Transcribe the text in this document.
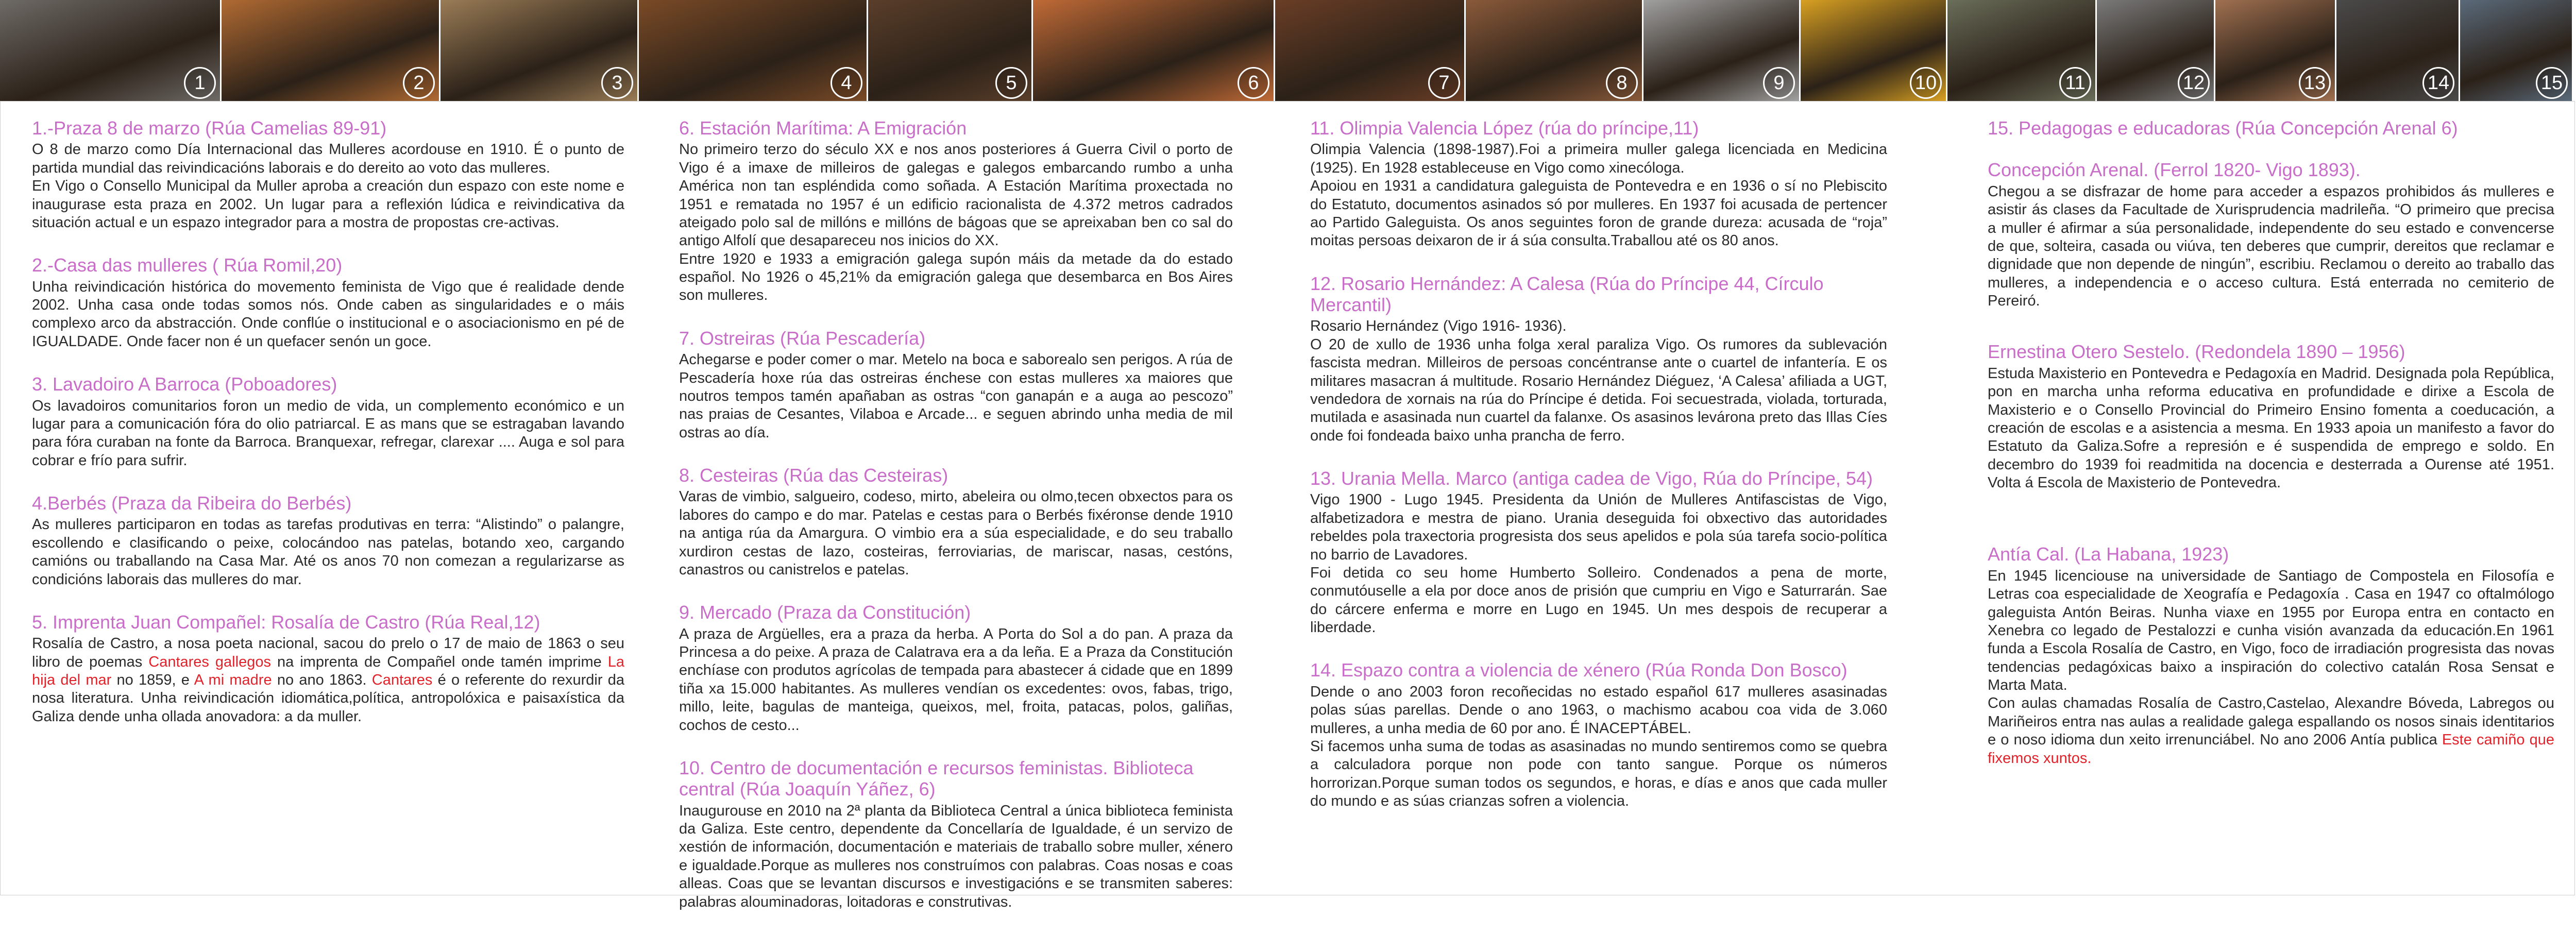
1	2	3	4	5	6	7	8	9	10	11	12	13	14	15
1.-Praza 8 de marzo (Rúa Camelias 89-91)

O 8 de marzo como Día Internacional das Mulleres acordouse en 1910. É o punto de partida mundial das reivindicacións laborais e do dereito ao voto das mulleres.
En Vigo o Consello Municipal da Muller aproba a creación dun espazo con este nome e inaugurase esta praza en 2002. Un lugar para a reflexión lúdica e reivindicativa da situación actual e un espazo integrador para a mostra de propostas cre-activas.

2.-Casa das mulleres ( Rúa Romil,20)

Unha reivindicación histórica do movemento feminista de Vigo que é realidade dende 2002. Unha casa onde todas somos nós. Onde caben as singularidades e o máis complexo arco da abstracción. Onde conflúe o institucional e o asociacionismo en pé de IGUALDADE. Onde facer non é un quefacer senón un goce.

3. Lavadoiro A Barroca (Poboadores)

Os lavadoiros comunitarios foron un medio de vida, un complemento económico e un lugar para a comunicación fóra do olio patriarcal. E as mans que se estragaban lavando para fóra curaban na fonte da Barroca. Branquexar, refregar, clarexar .... Auga e sol para cobrar e frío para sufrir.

4.Berbés (Praza da Ribeira do Berbés)

As mulleres participaron en todas as tarefas produtivas en terra: “Alistindo” o palangre, escollendo e clasificando o peixe, colocándoo nas patelas, botando xeo, cargando camións ou traballando na Casa Mar. Até os anos 70 non comezan a regularizarse as condicións laborais das mulleres do mar.

5. Imprenta Juan Compañel: Rosalía de Castro (Rúa Real,12)

Rosalía de Castro, a nosa poeta nacional, sacou do prelo o 17 de maio de 1863 o seu libro de poemas Cantares gallegos na imprenta de Compañel onde tamén imprime La hija del mar no 1859, e A mi madre no ano 1863. Cantares é o referente do rexurdir da nosa literatura. Unha reivindicación idiomática,política, antropolóxica e paisaxística da Galiza dende unha ollada anovadora: a da muller.

6. Estación Marítima: A Emigración

No primeiro terzo do século XX e nos anos posteriores á Guerra Civil o porto de Vigo é a imaxe de milleiros de galegas e galegos embarcando rumbo a unha América non tan espléndida como soñada. A Estación Marítima proxectada no 1951 e rematada no 1957 é un edificio racionalista de 4.372 metros cadrados ateigado polo sal de millóns e millóns de bágoas que se apreixaban ben co sal do antigo Alfolí que desapareceu nos inicios do XX.
Entre 1920 e 1933 a emigración galega supón máis da metade da do estado español. No 1926 o 45,21% da emigración galega que desembarca en Bos Aires son mulleres.

7. Ostreiras (Rúa Pescadería)

Achegarse e poder comer o mar. Metelo na boca e saborealo sen perigos. A rúa de Pescadería hoxe rúa das ostreiras énchese con estas mulleres xa maiores que noutros tempos tamén apañaban as ostras “con ganapán e a auga ao pescozo” nas praias de Cesantes, Vilaboa e Arcade... e seguen abrindo unha media de mil ostras ao día.

8. Cesteiras (Rúa das Cesteiras)

Varas de vimbio, salgueiro, codeso, mirto, abeleira ou olmo,tecen obxectos para os labores do campo e do mar. Patelas e cestas para o Berbés fixéronse dende 1910 na antiga rúa da Amargura. O vimbio era a súa especialidade, e do seu traballo xurdiron cestas de lazo, costeiras, ferroviarias, de mariscar, nasas, cestóns, canastros ou canistrelos e patelas.

9. Mercado (Praza da Constitución)

A praza de Argüelles, era a praza da herba. A Porta do Sol a do pan. A praza da Princesa a do peixe. A praza de Calatrava era a da leña. E a Praza da Constitución enchíase con produtos agrícolas de tempada para abastecer á cidade que en 1899 tiña xa 15.000 habitantes. As mulleres vendían os excedentes: ovos, fabas, trigo, millo, leite, bagulas de manteiga, queixos, mel, froita, patacas, polos, galiñas, cochos de cesto...

10. Centro de documentación e recursos feministas. Biblioteca central (Rúa Joaquín Yáñez, 6)

Inaugurouse en 2010 na 2ª planta da Biblioteca Central a única biblioteca feminista da Galiza. Este centro, dependente da Concellaría de Igualdade, é un servizo de xestión de información, documentación e materiais de traballo sobre muller, xénero e igualdade.Porque as mulleres nos construímos con palabras. Coas nosas e coas alleas. Coas que se levantan discursos e investigacións e se transmiten saberes: palabras alouminadoras, loitadoras e construtivas.

11. Olimpia Valencia López (rúa do príncipe,11)

Olimpia Valencia (1898-1987).Foi a primeira muller galega licenciada en Medicina (1925). En 1928 estableceuse en Vigo como xinecóloga.
Apoiou en 1931 a candidatura galeguista de Pontevedra e en 1936 o sí no Plebiscito do Estatuto, documentos asinados só por mulleres. En 1937 foi acusada de pertencer ao Partido Galeguista. Os anos seguintes foron de grande dureza: acusada de “roja” moitas persoas deixaron de ir á súa consulta.Traballou até os 80 anos.

12. Rosario Hernández: A Calesa (Rúa do Príncipe 44, Círculo Mercantil)

Rosario Hernández (Vigo 1916- 1936).
O 20 de xullo de 1936 unha folga xeral paraliza Vigo. Os rumores da sublevación fascista medran. Milleiros de persoas concéntranse ante o cuartel de infantería. E os militares masacran á multitude. Rosario Hernández Diéguez, ‘A Calesa’ afiliada a UGT, vendedora de xornais na rúa do Príncipe é detida. Foi secuestrada, violada, torturada, mutilada e asasinada nun cuartel da falanxe. Os asasinos levárona preto das Illas Cíes onde foi fondeada baixo unha prancha de ferro.

13. Urania Mella. Marco (antiga cadea de Vigo, Rúa do Príncipe, 54)

Vigo 1900 - Lugo 1945. Presidenta da Unión de Mulleres Antifascistas de Vigo, alfabetizadora e mestra de piano. Urania deseguida foi obxectivo das autoridades rebeldes pola traxectoria progresista dos seus apelidos e pola súa tarefa socio-política no barrio de Lavadores.
Foi detida co seu home Humberto Solleiro. Condenados a pena de morte, conmutóuselle a ela por doce anos de prisión que cumpriu en Vigo e Saturrarán. Sae do cárcere enferma e morre en Lugo en 1945. Un mes despois de recuperar a liberdade.

14. Espazo contra a violencia de xénero (Rúa Ronda Don Bosco)

Dende o ano 2003 foron recoñecidas no estado español 617 mulleres asasinadas polas súas parellas. Dende o ano 1963, o machismo acabou coa vida de 3.060 mulleres, a unha media de 60 por ano. É INACEPTÁBEL.
Si facemos unha suma de todas as asasinadas no mundo sentiremos como se quebra a calculadora porque non pode con tanto sangue. Porque os números horrorizan.Porque suman todos os segundos, e horas, e días e anos que cada muller do mundo e as súas crianzas sofren a violencia.

15. Pedagogas e educadoras (Rúa Concepción Arenal 6)
Concepción Arenal. (Ferrol 1820- Vigo 1893).

Chegou a se disfrazar de home para acceder a espazos prohibidos ás mulleres e asistir ás clases da Facultade de Xurisprudencia madrileña. “O primeiro que precisa a muller é afirmar a súa personalidade, independente do seu estado e convencerse de que, solteira, casada ou viúva, ten deberes que cumprir, dereitos que reclamar e dignidade que non depende de ningún”, escribiu. Reclamou o dereito ao traballo das mulleres, a independencia e o acceso cultura. Está enterrada no cemiterio de Pereiró.

Ernestina Otero Sestelo. (Redondela 1890 – 1956)

Estuda Maxisterio en Pontevedra e Pedagoxía en Madrid. Designada pola República, pon en marcha unha reforma educativa en profundidade e dirixe a Escola de Maxisterio e o Consello Provincial do Primeiro Ensino fomenta a coeducación, a creación de escolas e a asistencia a mesma. En 1933 apoia un manifesto a favor do Estatuto da Galiza.Sofre a represión e é suspendida de emprego e soldo. En decembro do 1939 foi readmitida na docencia e desterrada a Ourense até 1951. Volta á Escola de Maxisterio de Pontevedra.

Antía Cal. (La Habana, 1923)

En 1945 licenciouse na universidade de Santiago de Compostela en Filosofía e Letras coa especialidade de Xeografía e Pedagoxía . Casa en 1947 co oftalmólogo galeguista Antón Beiras. Nunha viaxe en 1955 por Europa entra en contacto en Xenebra co legado de Pestalozzi e cunha visión avanzada da educación.En 1961 funda a Escola Rosalía de Castro, en Vigo, foco de irradiación progresista das novas tendencias pedagóxicas baixo a inspiración do colectivo catalán Rosa Sensat e Marta Mata.
Con aulas chamadas Rosalía de Castro,Castelao, Alexandre Bóveda, Labregos ou Mariñeiros entra nas aulas a realidade galega espallando os nosos sinais identitarios e o noso idioma dun xeito irrenunciábel. No ano 2006 Antía publica Este camiño que fixemos xuntos.
